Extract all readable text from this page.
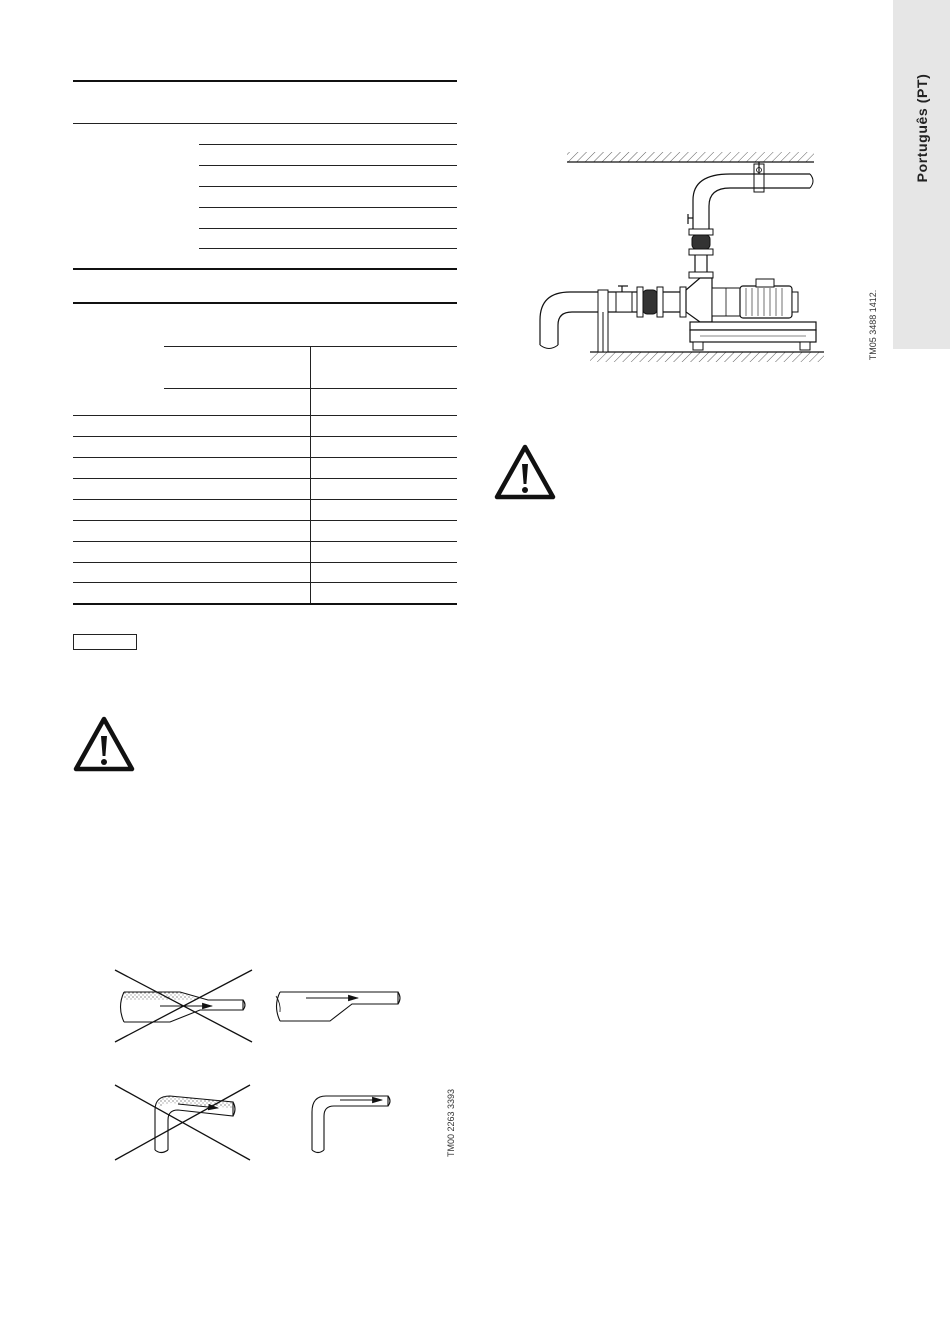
Português (PT)
TM05 3488 1412.
TM00 2263 3393
